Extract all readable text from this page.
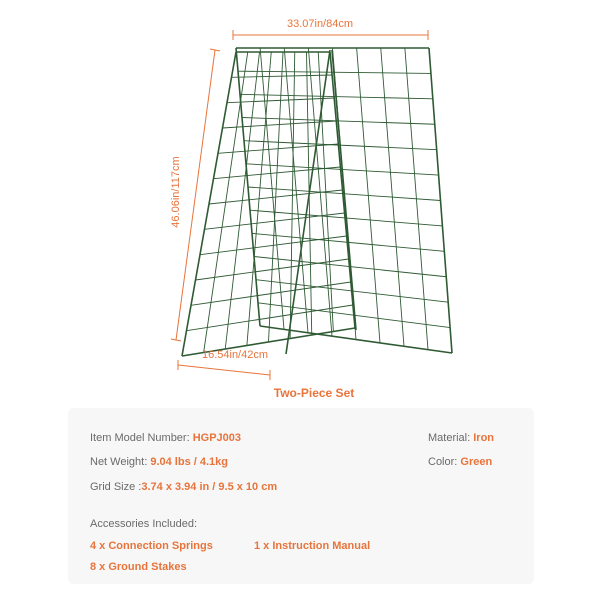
33.07in/84cm
46.06in/117cm
16.54in/42cm
Two-Piece Set
Item Model Number: HGPJ003
Net Weight: 9.04 lbs / 4.1kg
Grid Size :3.74 x 3.94 in / 9.5 x 10 cm
Material: Iron
Color: Green
Accessories Included:
4 x Connection Springs	1 x Instruction Manual
8 x Ground Stakes
